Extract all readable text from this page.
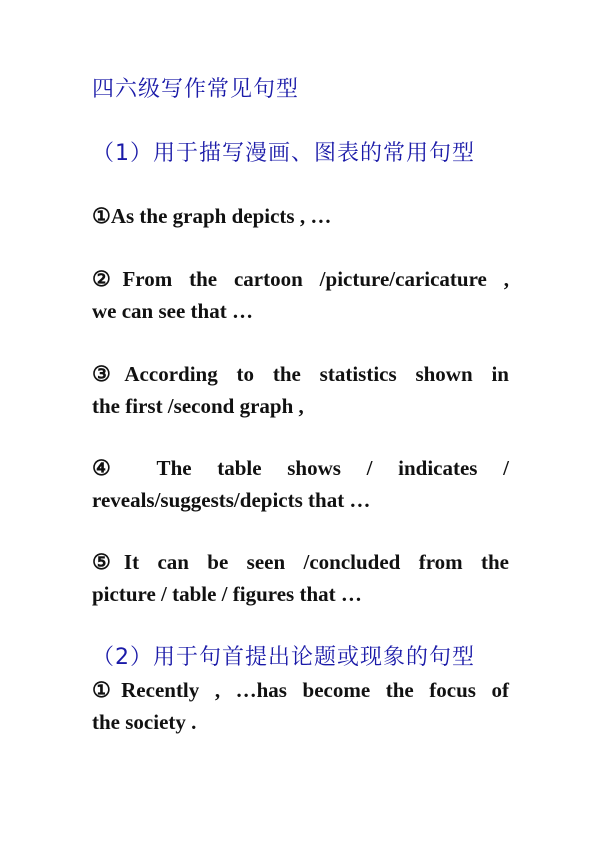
四六级写作常见句型
（1）用于描写漫画、图表的常用句型
①As the graph depicts , …
②From the cartoon /picture/caricature ,
we can see that …
③According to the statistics shown in
the first /second graph ,
④ The table shows / indicates /
reveals/suggests/depicts that …
⑤It can be seen /concluded from the
picture / table / figures that …
（2）用于句首提出论题或现象的句型
①Recently , …has become the focus of
the society .
